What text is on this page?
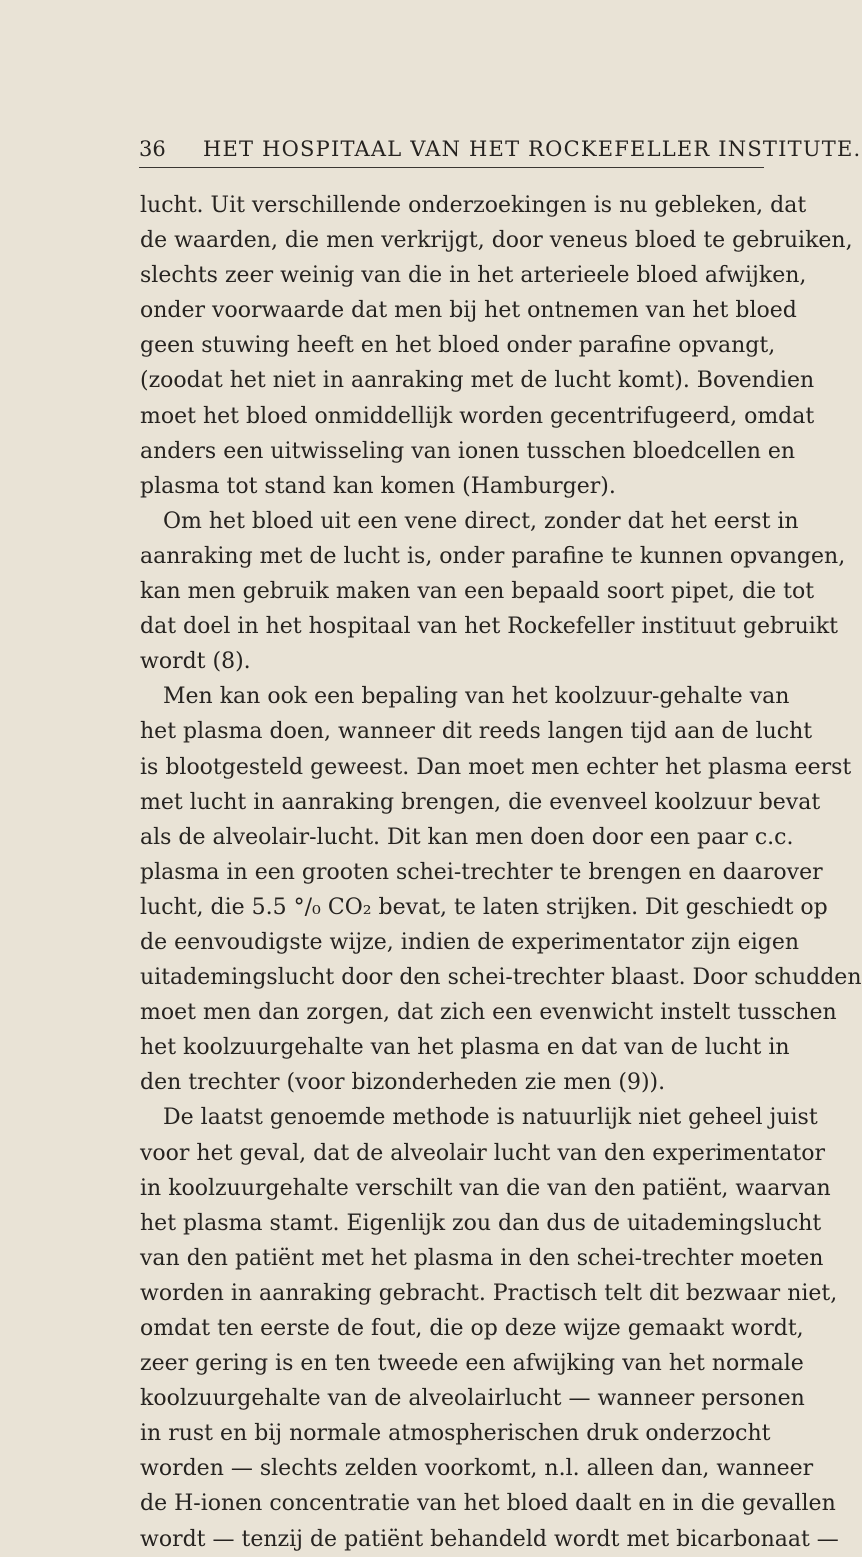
36 HET HOSPITAAL VAN HET ROCKEFELLER INSTITUTE.
lucht. Uit verschillende onderzoekingen is nu gebleken, dat
de waarden, die men verkrijgt, door veneus bloed te gebruiken,
slechts zeer weinig van die in het arterieele bloed afwijken,
onder voorwaarde dat men bij het ontnemen van het bloed
geen stuwing heeft en het bloed onder parafine opvangt,
(zoodat het niet in aanraking met de lucht komt). Bovendien
moet het bloed onmiddellijk worden gecentrifugeerd, omdat
anders een uitwisseling van ionen tusschen bloedcellen en
plasma tot stand kan komen (Hamburger).
Om het bloed uit een vene direct, zonder dat het eerst in
aanraking met de lucht is, onder parafine te kunnen opvangen,
kan men gebruik maken van een bepaald soort pipet, die tot
dat doel in het hospitaal van het Rockefeller instituut gebruikt
wordt (8).
Men kan ook een bepaling van het koolzuur-gehalte van
het plasma doen, wanneer dit reeds langen tijd aan de lucht
is blootgesteld geweest. Dan moet men echter het plasma eerst
met lucht in aanraking brengen, die evenveel koolzuur bevat
als de alveolair-lucht. Dit kan men doen door een paar c.c.
plasma in een grooten schei-trechter te brengen en daarover
lucht, die 5.5 °/₀ CO₂ bevat, te laten strijken. Dit geschiedt op
de eenvoudigste wijze, indien de experimentator zijn eigen
uitademingslucht door den schei-trechter blaast. Door schudden
moet men dan zorgen, dat zich een evenwicht instelt tusschen
het koolzuurgehalte van het plasma en dat van de lucht in
den trechter (voor bizonderheden zie men (9)).
De laatst genoemde methode is natuurlijk niet geheel juist
voor het geval, dat de alveolair lucht van den experimentator
in koolzuurgehalte verschilt van die van den patiënt, waarvan
het plasma stamt. Eigenlijk zou dan dus de uitademingslucht
van den patiënt met het plasma in den schei-trechter moeten
worden in aanraking gebracht. Practisch telt dit bezwaar niet,
omdat ten eerste de fout, die op deze wijze gemaakt wordt,
zeer gering is en ten tweede een afwijking van het normale
koolzuurgehalte van de alveolairlucht — wanneer personen
in rust en bij normale atmospherischen druk onderzocht
worden — slechts zelden voorkomt, n.l. alleen dan, wanneer
de H-ionen concentratie van het bloed daalt en in die gevallen
wordt — tenzij de patiënt behandeld wordt met bicarbonaat —
